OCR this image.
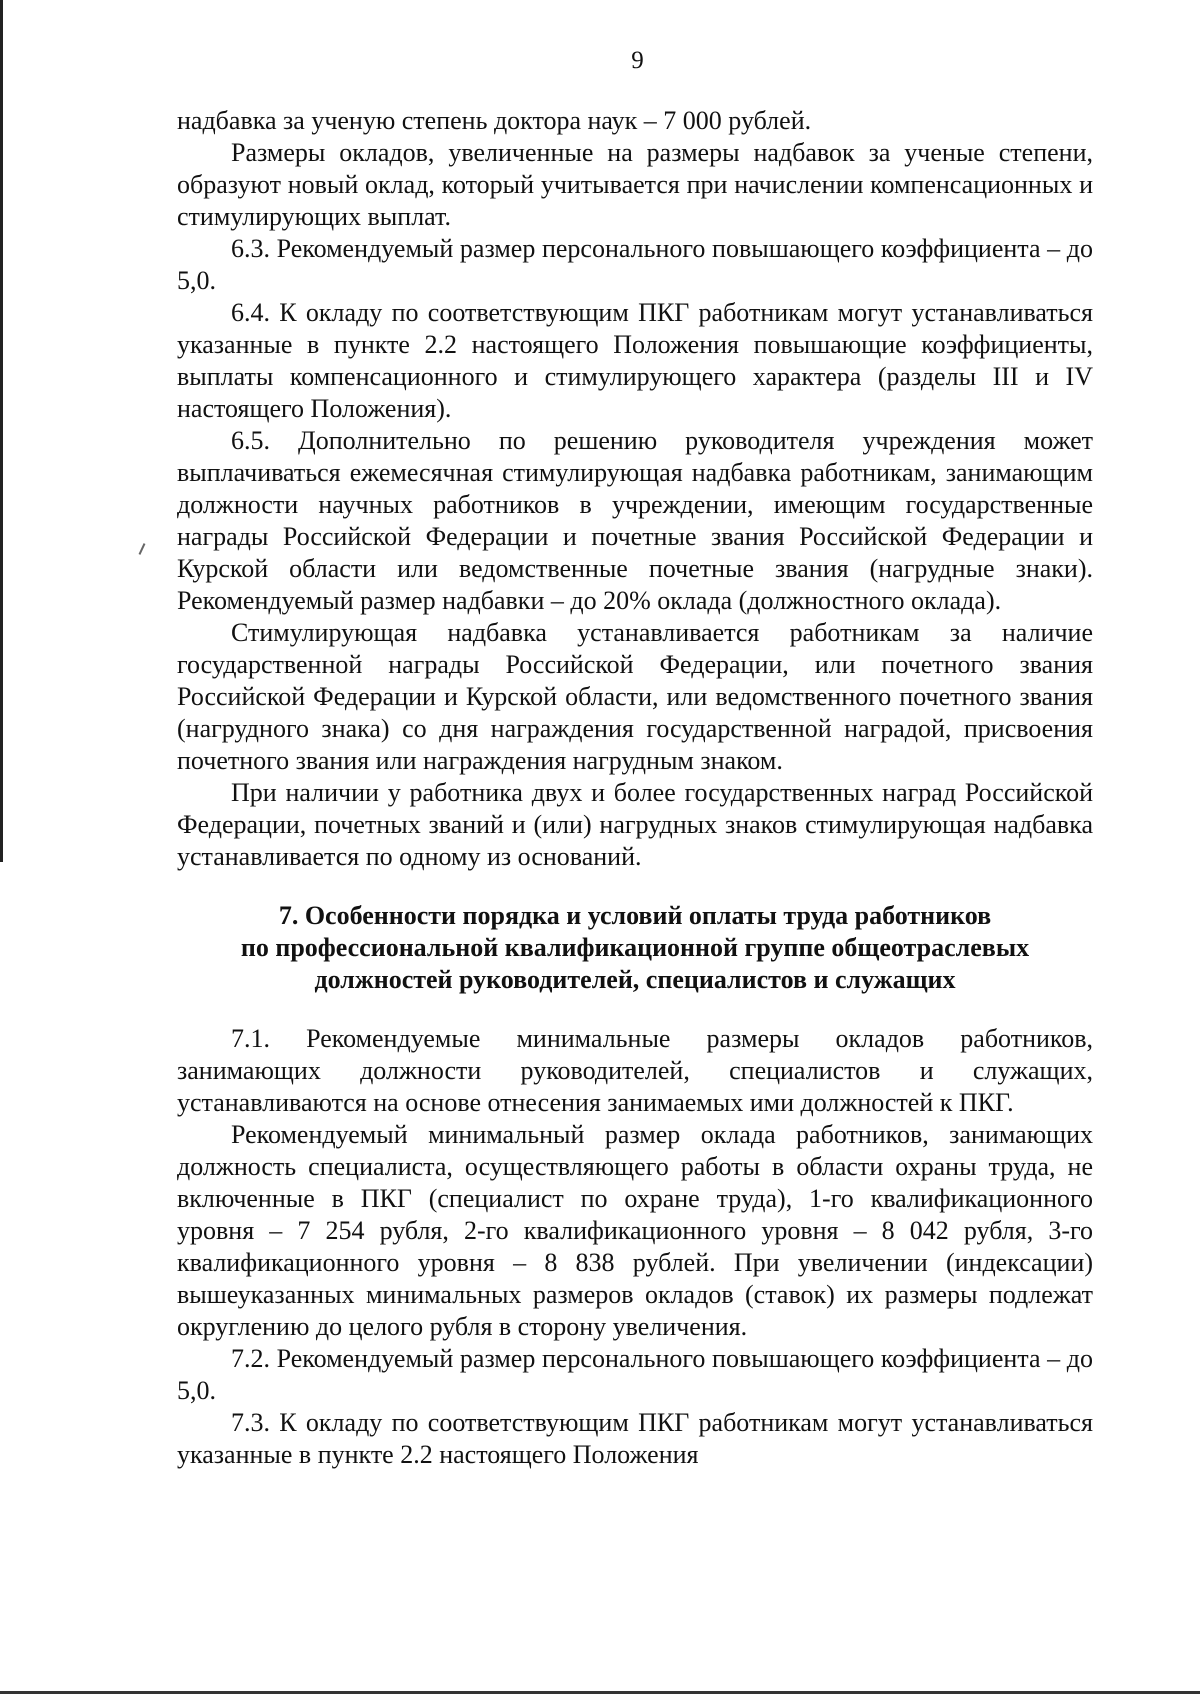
9

надбавка за ученую степень доктора наук – 7 000 рублей.

Размеры окладов, увеличенные на размеры надбавок за ученые степени, образуют новый оклад, который учитывается при начислении компенсационных и стимулирующих выплат.

6.3. Рекомендуемый размер персонального повышающего коэффициента – до 5,0.

6.4. К окладу по соответствующим ПКГ работникам могут устанавливаться указанные в пункте 2.2 настоящего Положения повышающие коэффициенты, выплаты компенсационного и стимулирующего характера (разделы III и IV настоящего Положения).

6.5. Дополнительно по решению руководителя учреждения может выплачиваться ежемесячная стимулирующая надбавка работникам, занимающим должности научных работников в учреждении, имеющим государственные награды Российской Федерации и почетные звания Российской Федерации и Курской области или ведомственные почетные звания (нагрудные знаки). Рекомендуемый размер надбавки – до 20% оклада (должностного оклада).

Стимулирующая надбавка устанавливается работникам за наличие государственной награды Российской Федерации, или почетного звания Российской Федерации и Курской области, или ведомственного почетного звания (нагрудного знака) со дня награждения государственной наградой, присвоения почетного звания или награждения нагрудным знаком.

При наличии у работника двух и более государственных наград Российской Федерации, почетных званий и (или) нагрудных знаков стимулирующая надбавка устанавливается по одному из оснований.

7. Особенности порядка и условий оплаты труда работников
по профессиональной квалификационной группе общеотраслевых
должностей руководителей, специалистов и служащих

7.1. Рекомендуемые минимальные размеры окладов работников, занимающих должности руководителей, специалистов и служащих, устанавливаются на основе отнесения занимаемых ими должностей к ПКГ.

Рекомендуемый минимальный размер оклада работников, занимающих должность специалиста, осуществляющего работы в области охраны труда, не включенные в ПКГ (специалист по охране труда), 1-го квалификационного уровня – 7 254 рубля, 2-го квалификационного уровня – 8 042 рубля, 3-го квалификационного уровня – 8 838 рублей. При увеличении (индексации) вышеуказанных минимальных размеров окладов (ставок) их размеры подлежат округлению до целого рубля в сторону увеличения.

7.2. Рекомендуемый размер персонального повышающего коэффициента – до 5,0.

7.3. К окладу по соответствующим ПКГ работникам могут устанавливаться указанные в пункте 2.2 настоящего Положения
